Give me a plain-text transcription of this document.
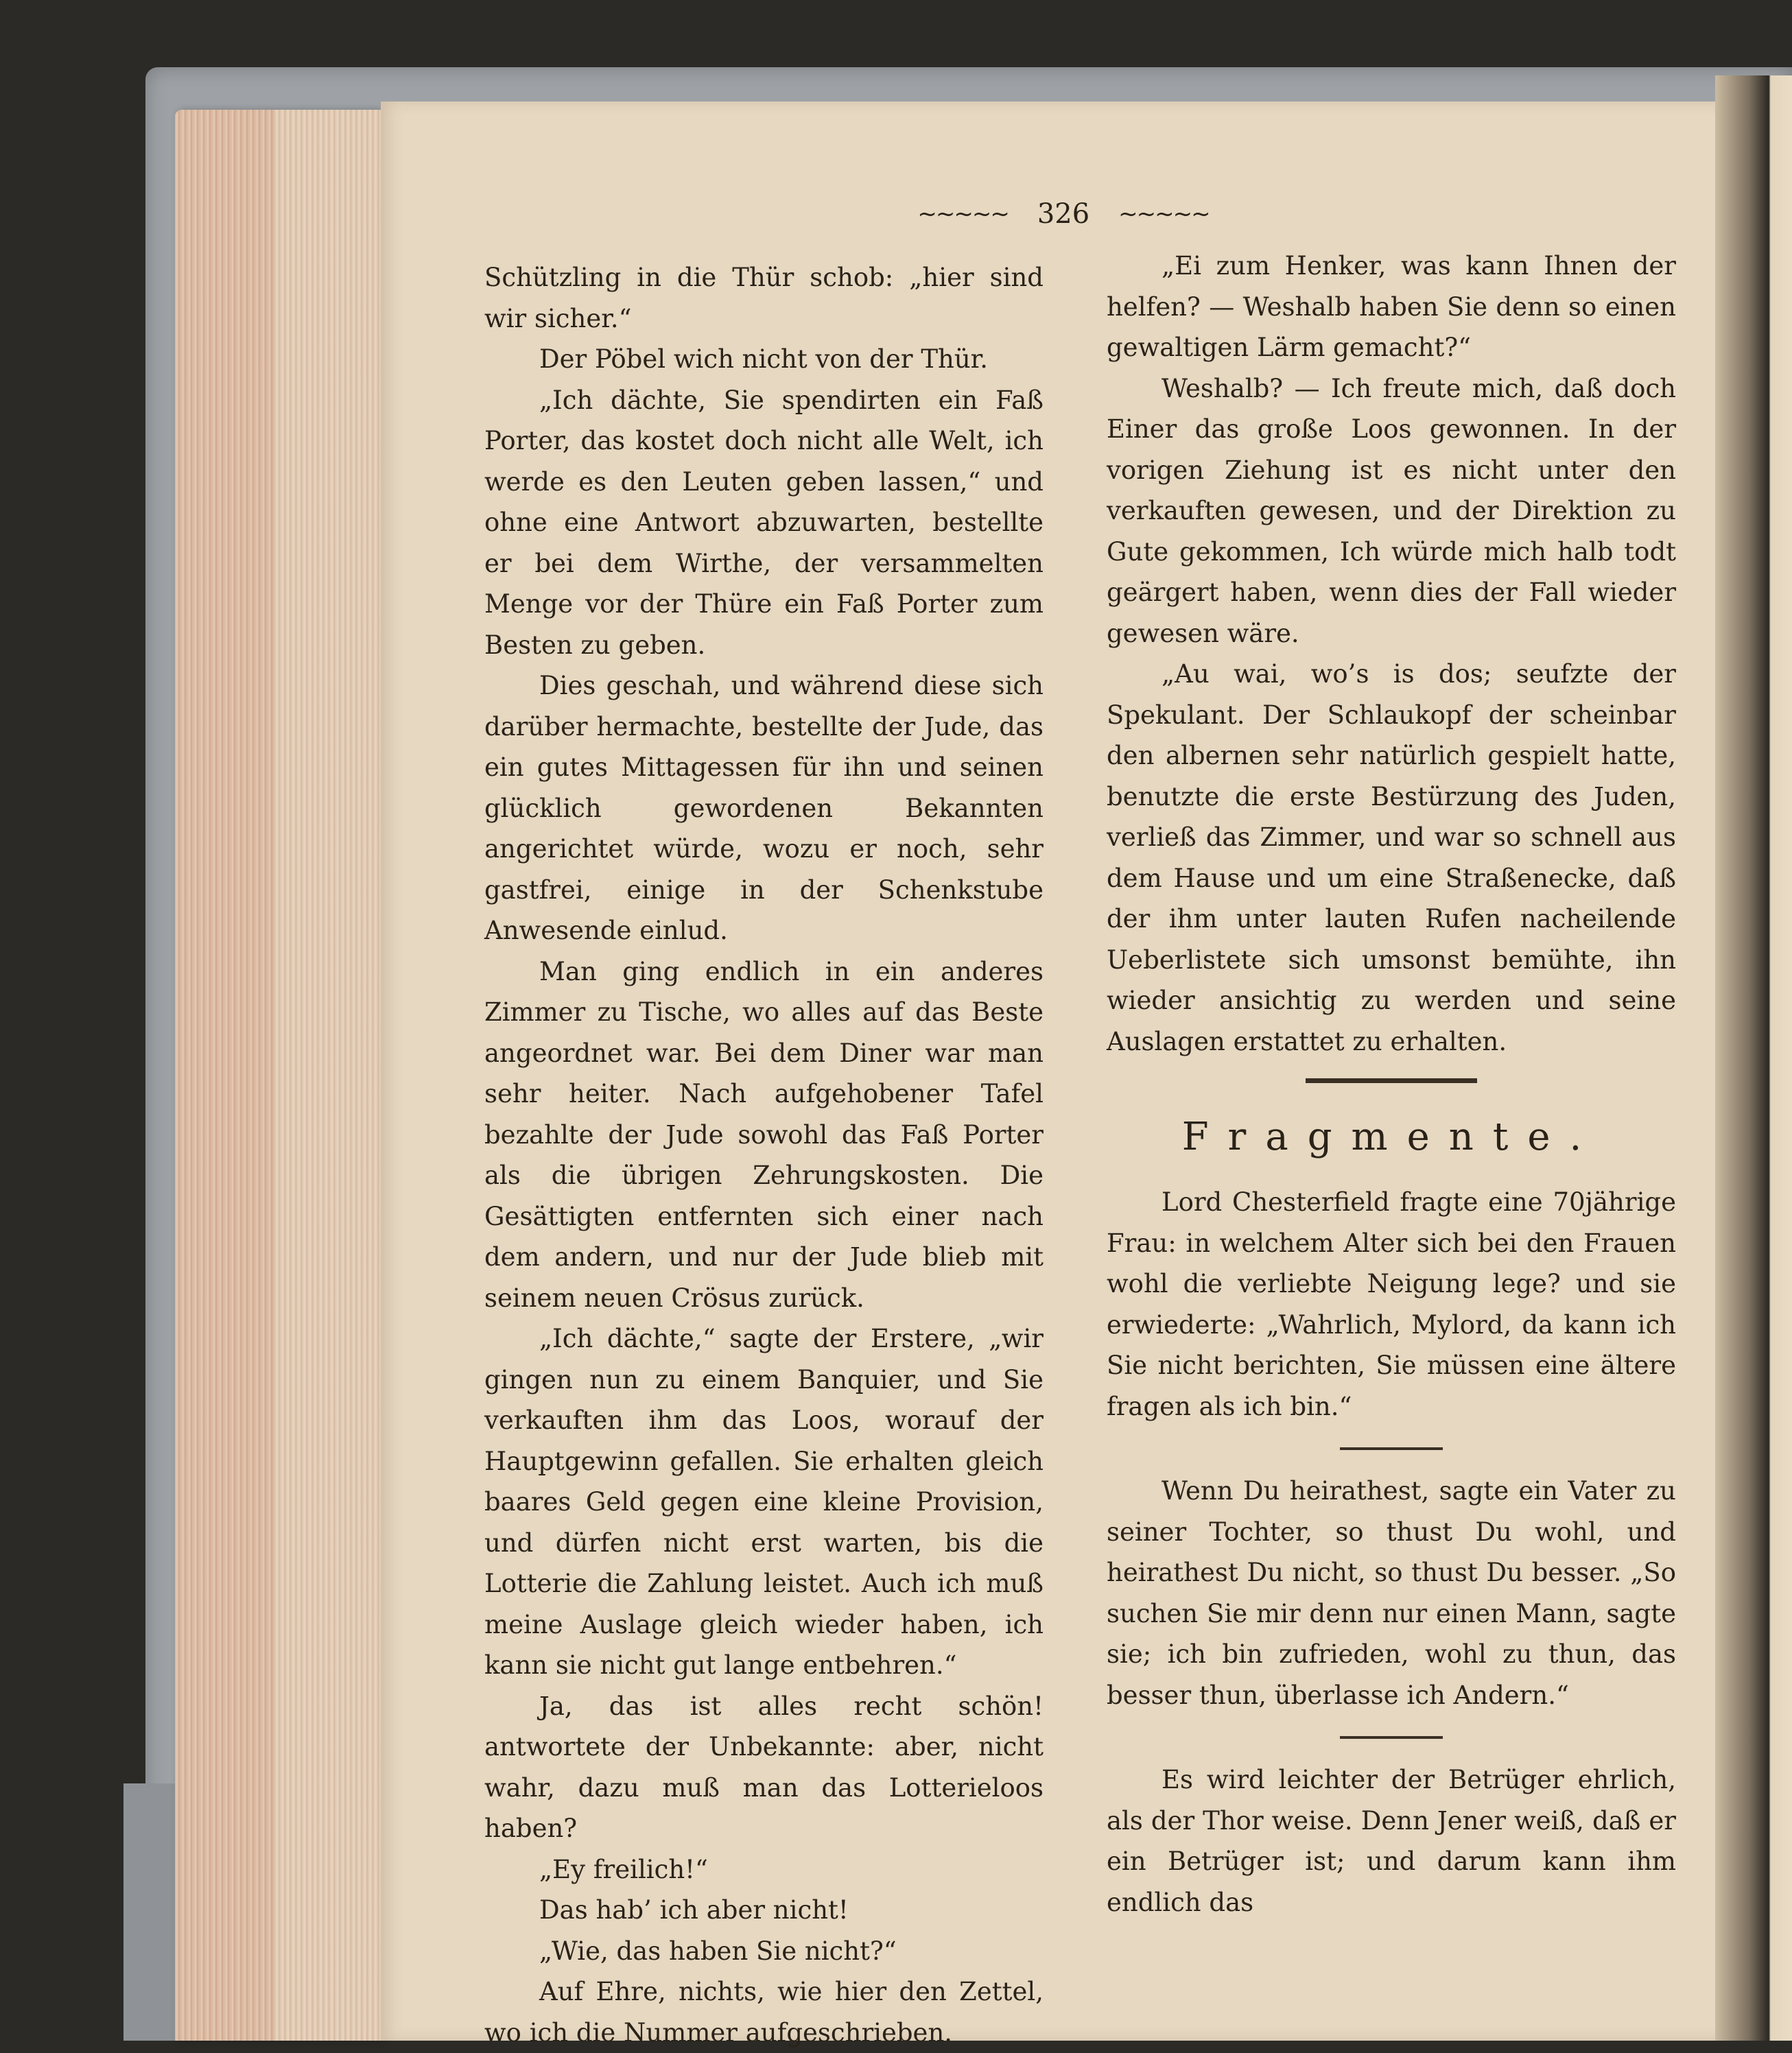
~~~~~ 326 ~~~~~

Schützling in die Thür schob: „hier sind wir sicher.“

Der Pöbel wich nicht von der Thür.

„Ich dächte, Sie spendirten ein Faß Porter, das kostet doch nicht alle Welt, ich werde es den Leuten geben lassen,“ und ohne eine Antwort abzuwarten, bestellte er bei dem Wirthe, der versammelten Menge vor der Thüre ein Faß Porter zum Besten zu geben.

Dies geschah, und während diese sich darüber hermachte, bestellte der Jude, das ein gutes Mittagessen für ihn und seinen glücklich gewordenen Bekannten angerichtet würde, wozu er noch, sehr gastfrei, einige in der Schenkstube Anwesende einlud.

Man ging endlich in ein anderes Zimmer zu Tische, wo alles auf das Beste angeordnet war. Bei dem Diner war man sehr heiter. Nach aufgehobener Tafel bezahlte der Jude sowohl das Faß Porter als die übrigen Zehrungskosten. Die Gesättigten entfernten sich einer nach dem andern, und nur der Jude blieb mit seinem neuen Crösus zurück.

„Ich dächte,“ sagte der Erstere, „wir gingen nun zu einem Banquier, und Sie verkauften ihm das Loos, worauf der Hauptgewinn gefallen. Sie erhalten gleich baares Geld gegen eine kleine Provision, und dürfen nicht erst warten, bis die Lotterie die Zahlung leistet. Auch ich muß meine Auslage gleich wieder haben, ich kann sie nicht gut lange entbehren.“

Ja, das ist alles recht schön! antwortete der Unbekannte: aber, nicht wahr, dazu muß man das Lotterieloos haben?

„Ey freilich!“

Das hab’ ich aber nicht!

„Wie, das haben Sie nicht?“

Auf Ehre, nichts, wie hier den Zettel, wo ich die Nummer aufgeschrieben.

„Ei zum Henker, was kann Ihnen der helfen? — Weshalb haben Sie denn so einen gewaltigen Lärm gemacht?“

Weshalb? — Ich freute mich, daß doch Einer das große Loos gewonnen. In der vorigen Ziehung ist es nicht unter den verkauften gewesen, und der Direktion zu Gute gekommen, Ich würde mich halb todt geärgert haben, wenn dies der Fall wieder gewesen wäre.

„Au wai, wo’s is dos; seufzte der Spekulant. Der Schlaukopf der scheinbar den albernen sehr natürlich gespielt hatte, benutzte die erste Bestürzung des Juden, verließ das Zimmer, und war so schnell aus dem Hause und um eine Straßenecke, daß der ihm unter lauten Rufen nacheilende Ueberlistete sich umsonst bemühte, ihn wieder ansichtig zu werden und seine Auslagen erstattet zu erhalten.

Fragmente.

Lord Chesterfield fragte eine 70jährige Frau: in welchem Alter sich bei den Frauen wohl die verliebte Neigung lege? und sie erwiederte: „Wahrlich, Mylord, da kann ich Sie nicht berichten, Sie müssen eine ältere fragen als ich bin.“

Wenn Du heirathest, sagte ein Vater zu seiner Tochter, so thust Du wohl, und heirathest Du nicht, so thust Du besser. „So suchen Sie mir denn nur einen Mann, sagte sie; ich bin zufrieden, wohl zu thun, das besser thun, überlasse ich Andern.“

Es wird leichter der Betrüger ehrlich, als der Thor weise. Denn Jener weiß, daß er ein Betrüger ist; und darum kann ihm endlich das
